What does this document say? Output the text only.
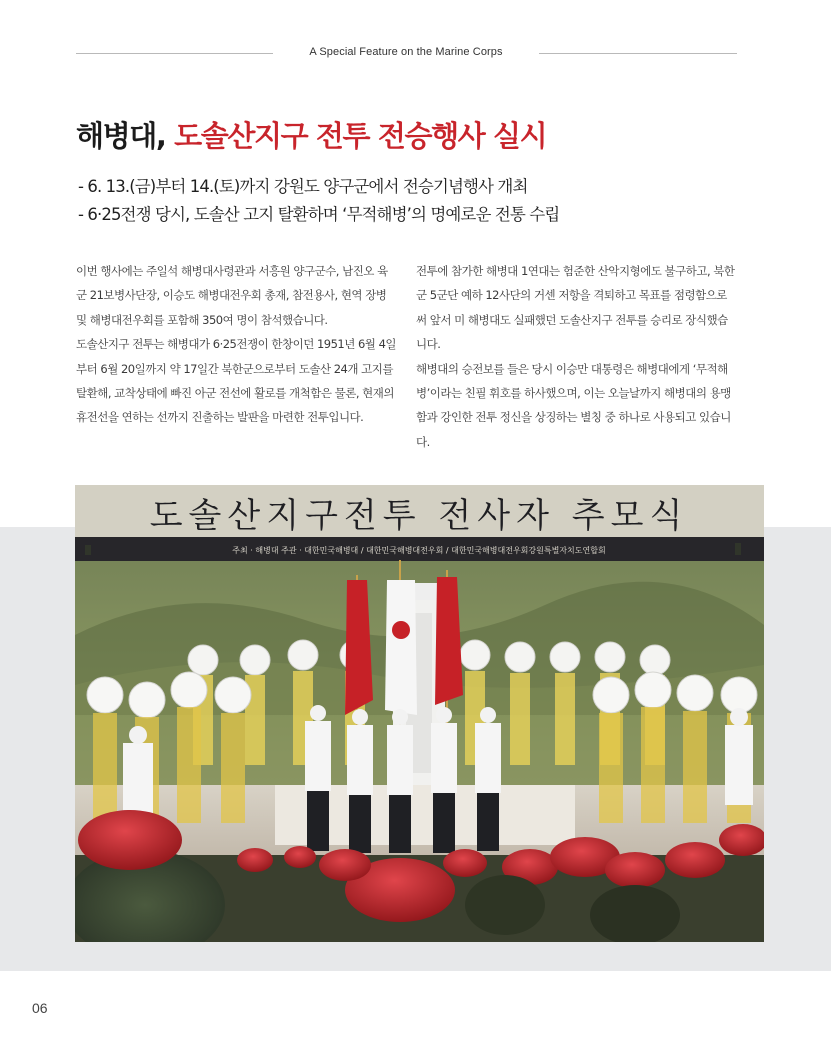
A Special Feature on the Marine Corps
해병대, 도솔산지구 전투 전승행사 실시
- 6. 13.(금)부터 14.(토)까지 강원도 양구군에서 전승기념행사 개최
- 6·25전쟁 당시, 도솔산 고지 탈환하며 ‘무적해병’의 명예로운 전통 수립

이번 행사에는 주일석 해병대사령관과 서흥원 양구군수, 남진오 육군 21보병사단장, 이승도 해병대전우회 총재, 참전용사, 현역 장병 및 해병대전우회를 포함해 350여 명이 참석했습니다.

도솔산지구 전투는 해병대가 6·25전쟁이 한창이던 1951년 6월 4일부터 6월 20일까지 약 17일간 북한군으로부터 도솔산 24개 고지를 탈환해, 교착상태에 빠진 아군 전선에 활로를 개척함은 물론, 현재의 휴전선을 연하는 선까지 진출하는 발판을 마련한 전투입니다.

전투에 참가한 해병대 1연대는 험준한 산악지형에도 불구하고, 북한군 5군단 예하 12사단의 거센 저항을 격퇴하고 목표를 점령함으로써 앞서 미 해병대도 실패했던 도솔산지구 전투를 승리로 장식했습니다.

해병대의 승전보를 들은 당시 이승만 대통령은 해병대에게 ‘무적해병’이라는 친필 휘호를 하사했으며, 이는 오늘날까지 해병대의 용맹함과 강인한 전투 정신을 상징하는 별칭 중 하나로 사용되고 있습니다.

도솔산지구전투 전사자 추모식
주최 · 해병대 주관 · 대한민국해병대 / 대한민국해병대전우회 / 대한민국해병대전우회강원특별자치도연합회
06
